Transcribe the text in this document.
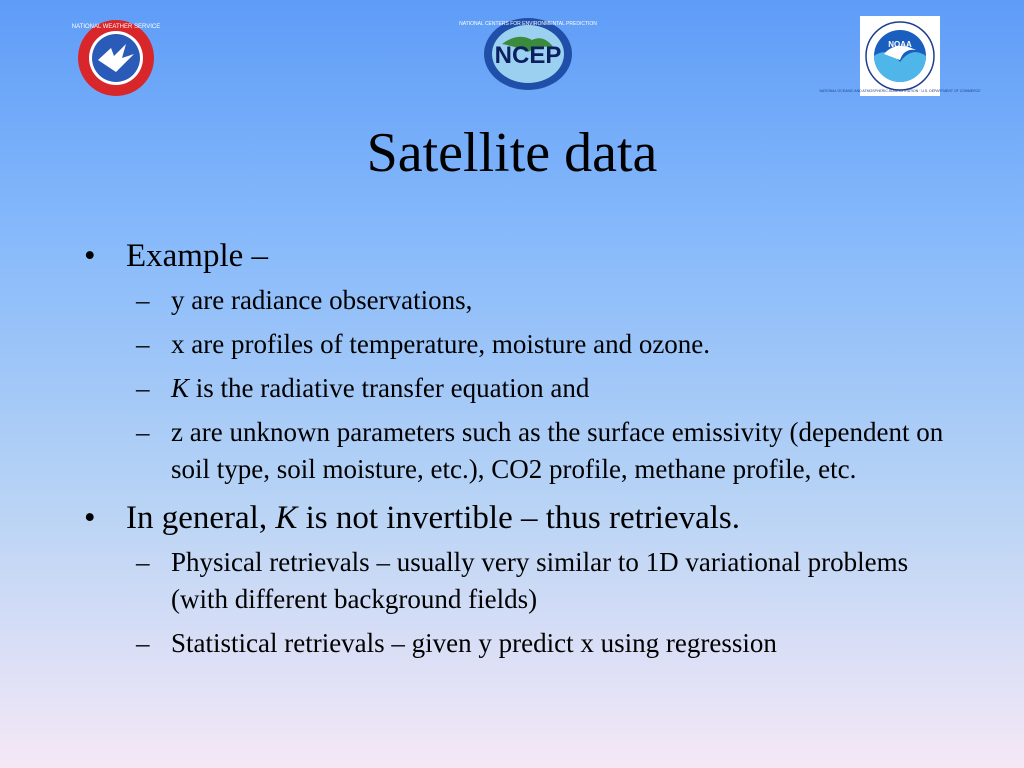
NATIONAL WEATHER SERVICE	NATIONAL CENTERS FOR ENVIRONMENTAL PREDICTION
NCEP	NOAA
NATIONAL OCEANIC AND ATMOSPHERIC ADMINISTRATION · U.S. DEPARTMENT OF COMMERCE
Satellite data
• Example –
– y are radiance observations,
– x are profiles of temperature, moisture and ozone.
– K is the radiative transfer equation and
– z are unknown parameters such as the surface emissivity (dependent on soil type, soil moisture, etc.), CO2 profile, methane profile, etc.
• In general, K is not invertible – thus retrievals.
– Physical retrievals – usually very similar to 1D variational problems (with different background fields)
– Statistical retrievals – given y predict x using regression
